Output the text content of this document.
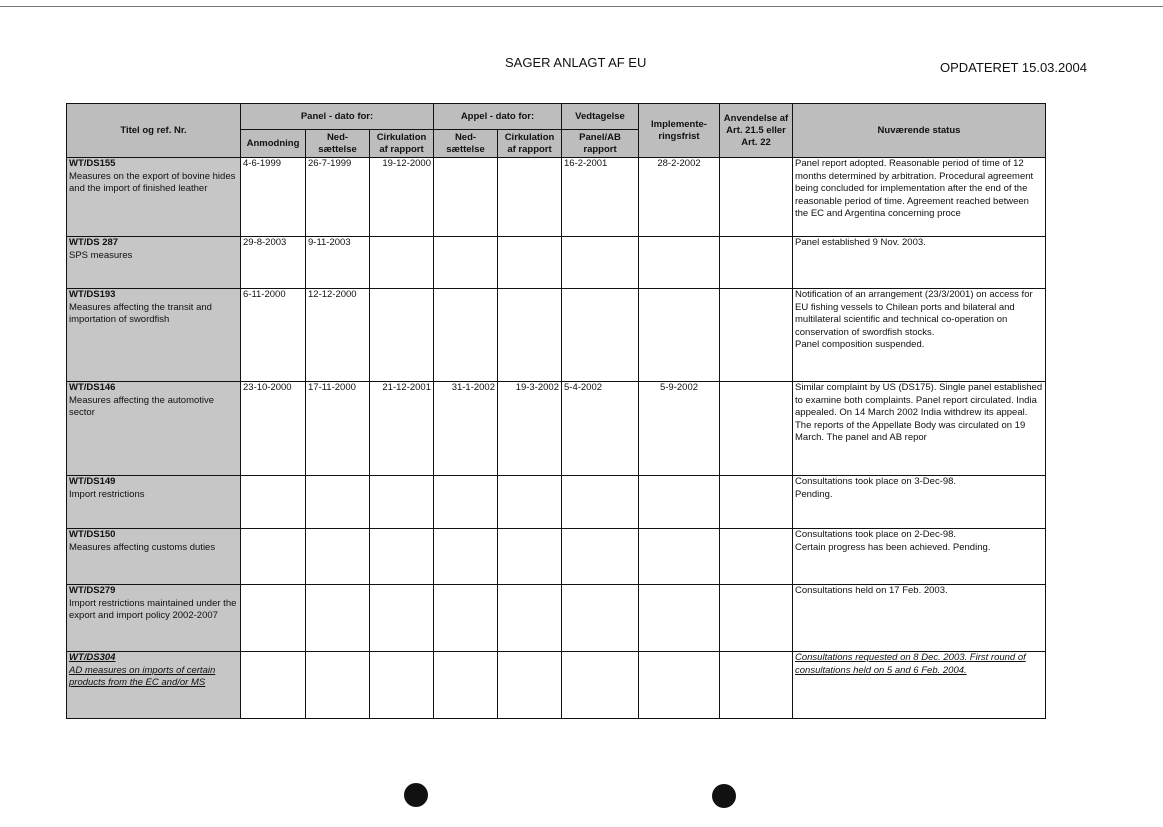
SAGER ANLAGT AF EU	OPDATERET 15.03.2004
Titel og ref. Nr.	Panel - dato for:			Appel - dato for:		Vedtagelse	Implemente-ringsfrist	Anvendelse af Art. 21.5 eller Art. 22	Nuværende status
	Anmodning	Ned-sættelse	Cirkulation af rapport	Ned-sættelse	Cirkulation af rapport	Panel/AB rapport			

WT/DS155
Measures on the export of bovine hides and the import of finished leather	4-6-1999	26-7-1999	19-12-2000			16-2-2001	28-2-2002		Panel report adopted. Reasonable period of time of 12 months determined by arbitration. Procedural agreement being concluded for implementation after the end of the reasonable period of time. Agreement reached between the EC and Argentina concerning proce

WT/DS 287
SPS measures	29-8-2003	9-11-2003							Panel established 9 Nov. 2003.

WT/DS193
Measures affecting the transit and importation of swordfish	6-11-2000	12-12-2000							Notification of an arrangement (23/3/2001) on access for EU fishing vessels to Chilean ports and bilateral and multilateral scientific and technical co-operation on conservation of swordfish stocks.
Panel composition suspended.

WT/DS146
Measures affecting the automotive sector	23-10-2000	17-11-2000	21-12-2001	31-1-2002	19-3-2002	5-4-2002	5-9-2002		Similar complaint by US (DS175). Single panel established to examine both complaints. Panel report circulated. India appealed. On 14 March 2002 India withdrew its appeal. The reports of the Appellate Body was circulated on 19 March. The panel and AB repor

WT/DS149
Import restrictions									Consultations took place on 3-Dec-98.
Pending.

WT/DS150
Measures affecting customs duties									Consultations took place on 2-Dec-98.
Certain progress has been achieved. Pending.

WT/DS279
Import restrictions maintained under the export and import policy 2002-2007									Consultations held on 17 Feb. 2003.

WT/DS304
AD measures on imports of certain products from the EC and/or MS									Consultations requested on 8 Dec. 2003. First round of consultations held on 5 and 6 Feb. 2004.
